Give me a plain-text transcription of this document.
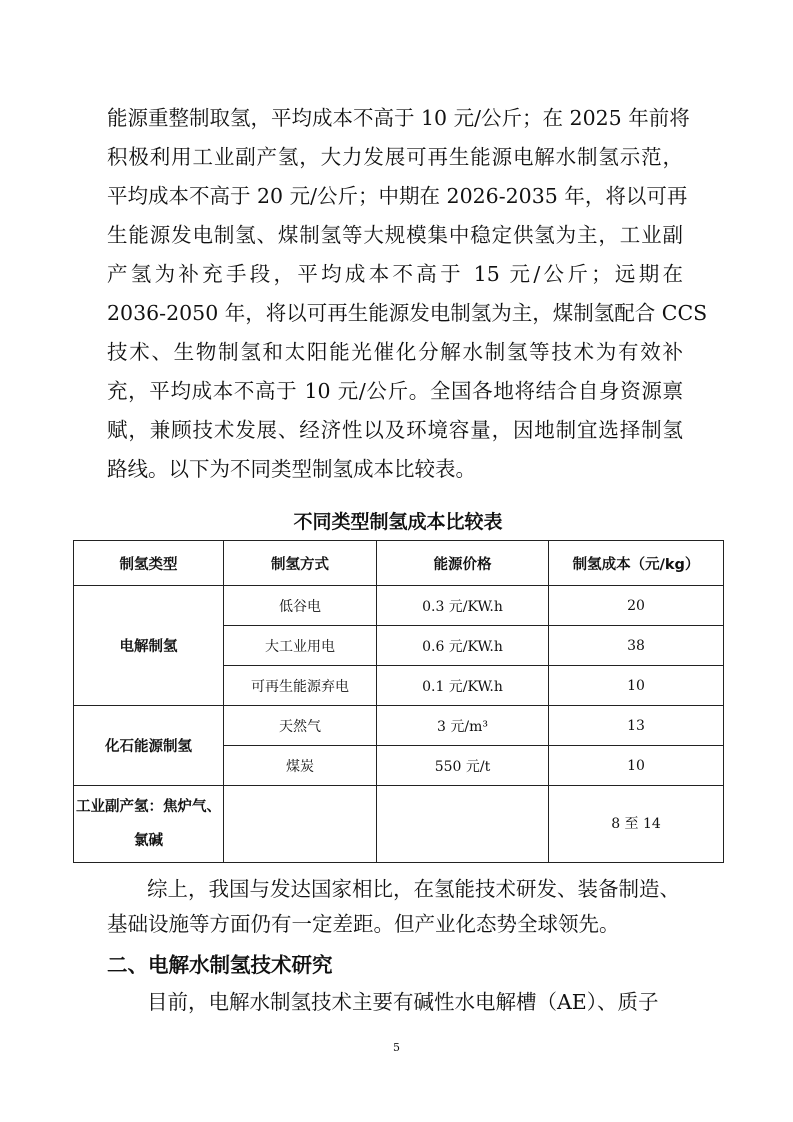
能源重整制取氢，平均成本不高于 10 元/公斤；在 2025 年前将

积极利用工业副产氢，大力发展可再生能源电解水制氢示范，

平均成本不高于 20 元/公斤；中期在 2026-2035 年，将以可再

生能源发电制氢、煤制氢等大规模集中稳定供氢为主，工业副

产氢为补充手段，平均成本不高于 15 元/公斤；远期在

2036-2050 年，将以可再生能源发电制氢为主，煤制氢配合 CCS

技术、生物制氢和太阳能光催化分解水制氢等技术为有效补

充，平均成本不高于 10 元/公斤。全国各地将结合自身资源禀

赋，兼顾技术发展、经济性以及环境容量，因地制宜选择制氢

路线。以下为不同类型制氢成本比较表。

不同类型制氢成本比较表
制氢类型	制氢方式	能源价格	制氢成本（元/kg）
电解制氢	低谷电	0.3 元/KW.h	20
	大工业用电	0.6 元/KW.h	38
	可再生能源弃电	0.1 元/KW.h	10
化石能源制氢	天然气	3 元/m³	13
	煤炭	550 元/t	10
工业副产氢：焦炉气、氯碱			8 至 14

综上，我国与发达国家相比，在氢能技术研发、装备制造、

基础设施等方面仍有一定差距。但产业化态势全球领先。

二、电解水制氢技术研究

目前，电解水制氢技术主要有碱性水电解槽（AE）、质子

5
